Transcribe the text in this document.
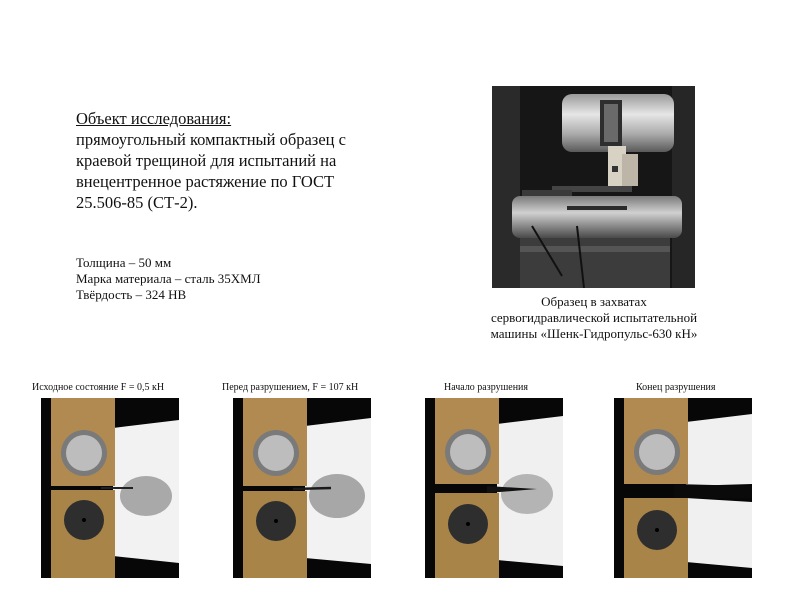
Объект исследования:
прямоугольный компактный образец с
краевой трещиной для испытаний на
внецентренное растяжение по ГОСТ
25.506-85 (СТ-2).
Толщина – 50 мм
Марка материала – сталь 35ХМЛ
Твёрдость – 324 НВ	Образец в захватах
сервогидравлической испытательной
машины «Шенк-Гидропульс-630 кН»
Исходное состояние F = 0,5 кН	Перед разрушением, F = 107 кН	Начало разрушения	Конец разрушения
